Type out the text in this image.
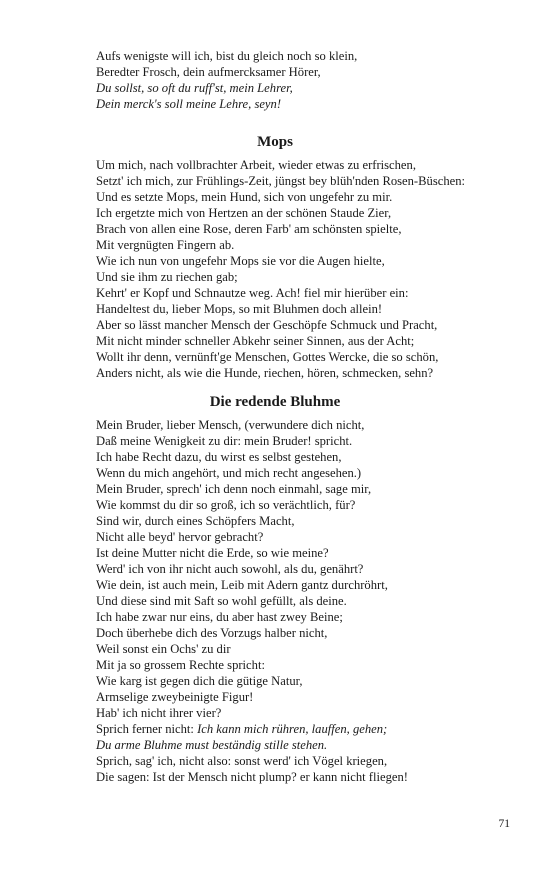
Aufs wenigste will ich, bist du gleich noch so klein,
Beredter Frosch, dein aufmercksamer Hörer,
Du sollst, so oft du ruff'st, mein Lehrer,
Dein merck's soll meine Lehre, seyn!
Mops
Um mich, nach vollbrachter Arbeit, wieder etwas zu erfrischen,
Setzt' ich mich, zur Frühlings-Zeit, jüngst bey blüh'nden Rosen-Büschen:
Und es setzte Mops, mein Hund, sich von ungefehr zu mir.
Ich ergetzte mich von Hertzen an der schönen Staude Zier,
Brach von allen eine Rose, deren Farb' am schönsten spielte,
Mit vergnügten Fingern ab.
Wie ich nun von ungefehr Mops sie vor die Augen hielte,
Und sie ihm zu riechen gab;
Kehrt' er Kopf und Schnautze weg. Ach! fiel mir hierüber ein:
Handeltest du, lieber Mops, so mit Bluhmen doch allein!
Aber so lässt mancher Mensch der Geschöpfe Schmuck und Pracht,
Mit nicht minder schneller Abkehr seiner Sinnen, aus der Acht;
Wollt ihr denn, vernünft'ge Menschen, Gottes Wercke, die so schön,
Anders nicht, als wie die Hunde, riechen, hören, schmecken, sehn?
Die redende Bluhme
Mein Bruder, lieber Mensch, (verwundere dich nicht,
Daß meine Wenigkeit zu dir: mein Bruder! spricht.
Ich habe Recht dazu, du wirst es selbst gestehen,
Wenn du mich angehört, und mich recht angesehen.)
Mein Bruder, sprech' ich denn noch einmahl, sage mir,
Wie kommst du dir so groß, ich so verächtlich, für?
Sind wir, durch eines Schöpfers Macht,
Nicht alle beyd' hervor gebracht?
Ist deine Mutter nicht die Erde, so wie meine?
Werd' ich von ihr nicht auch sowohl, als du, genährt?
Wie dein, ist auch mein, Leib mit Adern gantz durchröhrt,
Und diese sind mit Saft so wohl gefüllt, als deine.
Ich habe zwar nur eins, du aber hast zwey Beine;
Doch überhebe dich des Vorzugs halber nicht,
Weil sonst ein Ochs' zu dir
Mit ja so grossem Rechte spricht:
Wie karg ist gegen dich die gütige Natur,
Armselige zweybeinigte Figur!
Hab' ich nicht ihrer vier?
Sprich ferner nicht: Ich kann mich rühren, lauffen, gehen;
Du arme Bluhme must beständig stille stehen.
Sprich, sag' ich, nicht also: sonst werd' ich Vögel kriegen,
Die sagen: Ist der Mensch nicht plump? er kann nicht fliegen!
71
